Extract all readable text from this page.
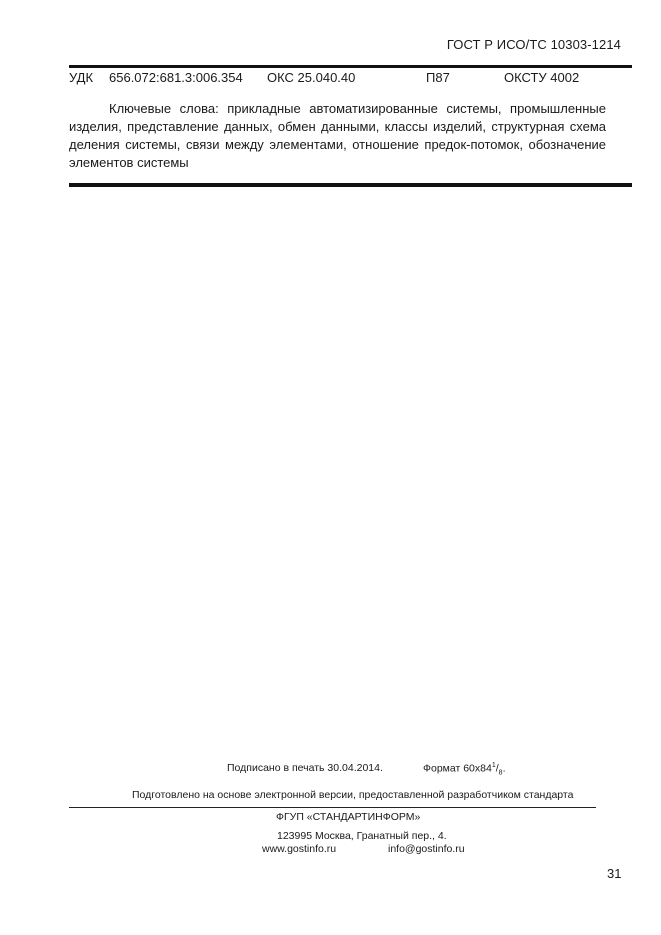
ГОСТ Р ИСО/ТС 10303-1214
УДК 656.072:681.3:006.354 ОКС 25.040.40	П87	ОКСТУ 4002
Ключевые слова: прикладные автоматизированные системы, промышленные изделия, представление данных, обмен данными, классы изделий, структурная схема деления системы, связи между элементами, отношение предок-потомок, обозначение элементов системы
Подписано в печать 30.04.2014.	Формат $60x84^1/_8$.
Подготовлено на основе электронной версии, предоставленной разработчиком стандарта
ФГУП «СТАНДАРТИНФОРМ»
123995 Москва, Гранатный пер., 4.
www.gostinfo.ru	info@gostinfo.ru
31
